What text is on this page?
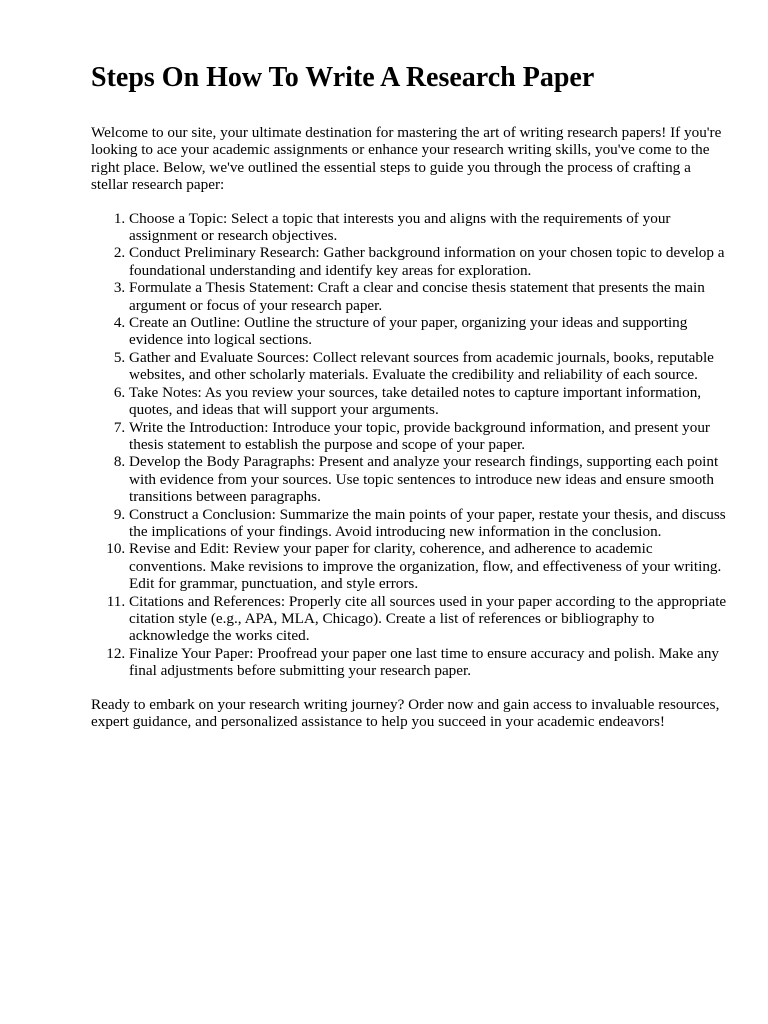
Steps On How To Write A Research Paper

Welcome to our site, your ultimate destination for mastering the art of writing research papers! If you're looking to ace your academic assignments or enhance your research writing skills, you've come to the right place. Below, we've outlined the essential steps to guide you through the process of crafting a stellar research paper:

1. Choose a Topic: Select a topic that interests you and aligns with the requirements of your assignment or research objectives.
2. Conduct Preliminary Research: Gather background information on your chosen topic to develop a foundational understanding and identify key areas for exploration.
3. Formulate a Thesis Statement: Craft a clear and concise thesis statement that presents the main argument or focus of your research paper.
4. Create an Outline: Outline the structure of your paper, organizing your ideas and supporting evidence into logical sections.
5. Gather and Evaluate Sources: Collect relevant sources from academic journals, books, reputable websites, and other scholarly materials. Evaluate the credibility and reliability of each source.
6. Take Notes: As you review your sources, take detailed notes to capture important information, quotes, and ideas that will support your arguments.
7. Write the Introduction: Introduce your topic, provide background information, and present your thesis statement to establish the purpose and scope of your paper.
8. Develop the Body Paragraphs: Present and analyze your research findings, supporting each point with evidence from your sources. Use topic sentences to introduce new ideas and ensure smooth transitions between paragraphs.
9. Construct a Conclusion: Summarize the main points of your paper, restate your thesis, and discuss the implications of your findings. Avoid introducing new information in the conclusion.
10. Revise and Edit: Review your paper for clarity, coherence, and adherence to academic conventions. Make revisions to improve the organization, flow, and effectiveness of your writing. Edit for grammar, punctuation, and style errors.
11. Citations and References: Properly cite all sources used in your paper according to the appropriate citation style (e.g., APA, MLA, Chicago). Create a list of references or bibliography to acknowledge the works cited.
12. Finalize Your Paper: Proofread your paper one last time to ensure accuracy and polish. Make any final adjustments before submitting your research paper.

Ready to embark on your research writing journey? Order now and gain access to invaluable resources, expert guidance, and personalized assistance to help you succeed in your academic endeavors!
